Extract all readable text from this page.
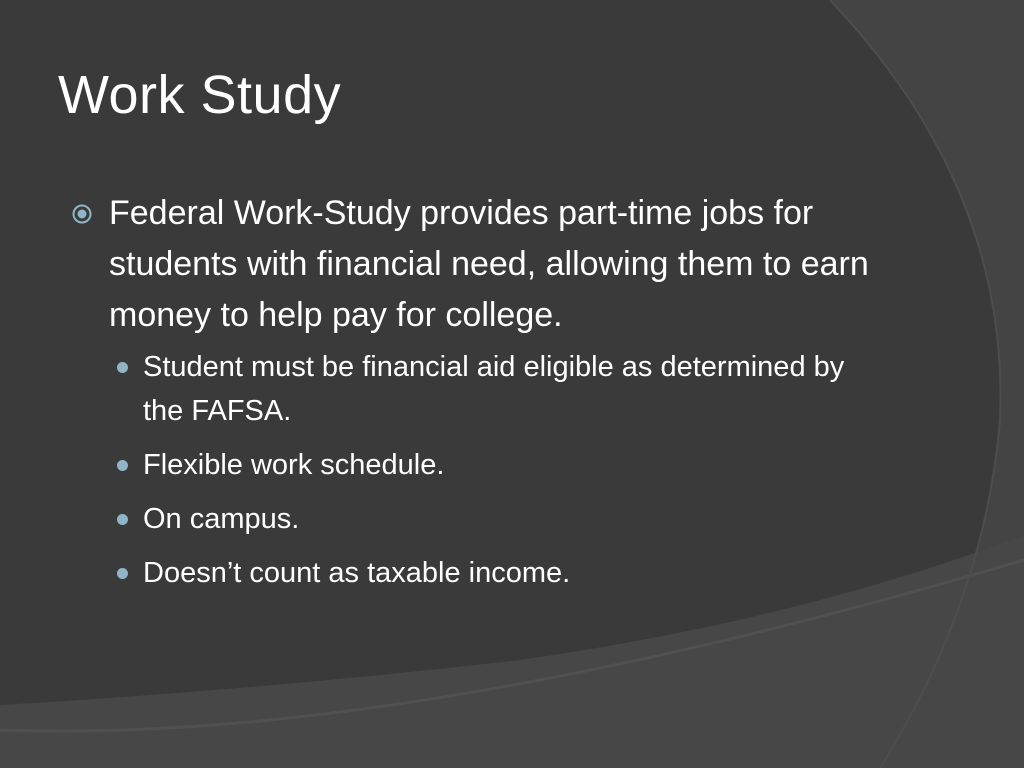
Work Study
Federal Work-Study provides part-time jobs for students with financial need, allowing them to earn money to help pay for college.
Student must be financial aid eligible as determined by the FAFSA.
Flexible work schedule.
On campus.
Doesn’t count as taxable income.
